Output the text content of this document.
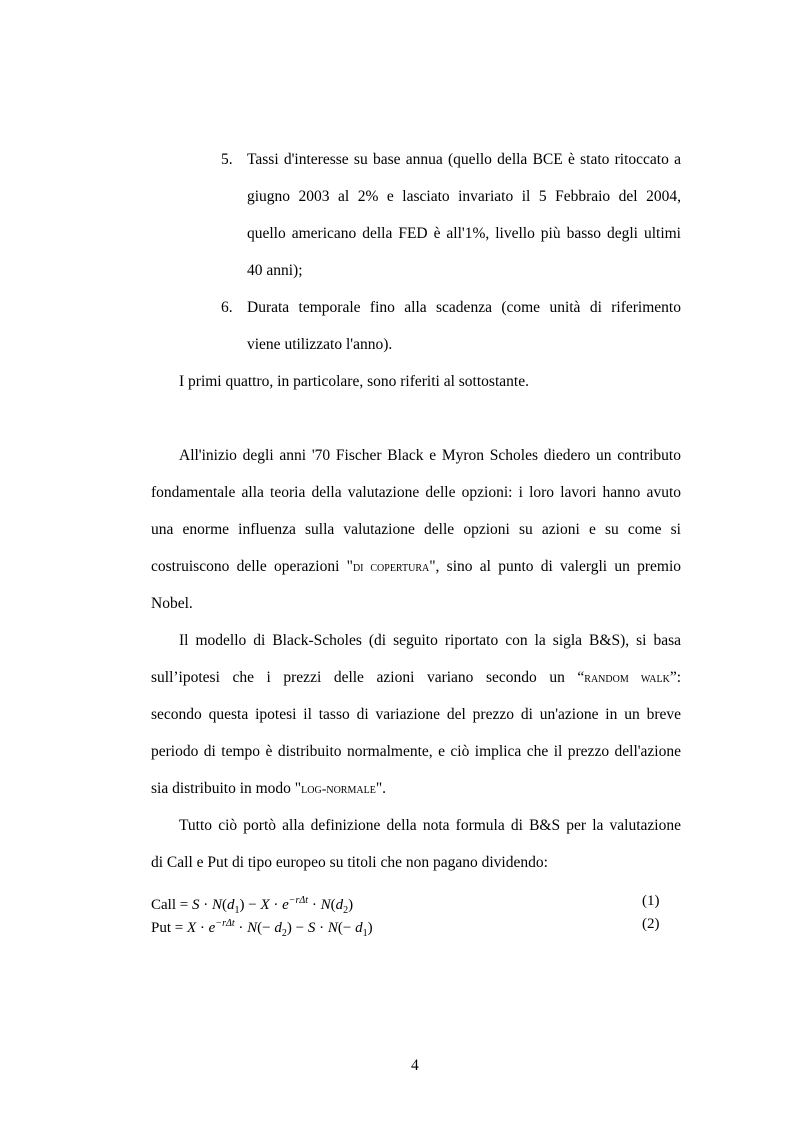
5. Tassi d'interesse su base annua (quello della BCE è stato ritoccato a
giugno 2003 al 2% e lasciato invariato il 5 Febbraio del 2004,
quello americano della FED è all'1%, livello più basso degli ultimi
40 anni);
6. Durata temporale fino alla scadenza (come unità di riferimento
viene utilizzato l'anno).
I primi quattro, in particolare, sono riferiti al sottostante.
All'inizio degli anni '70 Fischer Black e Myron Scholes diedero un contributo
fondamentale alla teoria della valutazione delle opzioni: i loro lavori hanno avuto
una enorme influenza sulla valutazione delle opzioni su azioni e su come si
costruiscono delle operazioni "di copertura", sino al punto di valergli un premio
Nobel.
Il modello di Black-Scholes (di seguito riportato con la sigla B&S), si basa
sull’ipotesi che i prezzi delle azioni variano secondo un “random walk”:
secondo questa ipotesi il tasso di variazione del prezzo di un'azione in un breve
periodo di tempo è distribuito normalmente, e ciò implica che il prezzo dell'azione
sia distribuito in modo "log-normale".
Tutto ciò portò alla definizione della nota formula di B&S per la valutazione
di Call e Put di tipo europeo su titoli che non pagano dividendo:
Call = $S \cdot N(d_1) - X \cdot e^{-r\Delta t} \cdot N(d_2)$	(1)
Put = $X \cdot e^{-r\Delta t} \cdot N(- d_2) - S \cdot N(- d_1)$	(2)
4
